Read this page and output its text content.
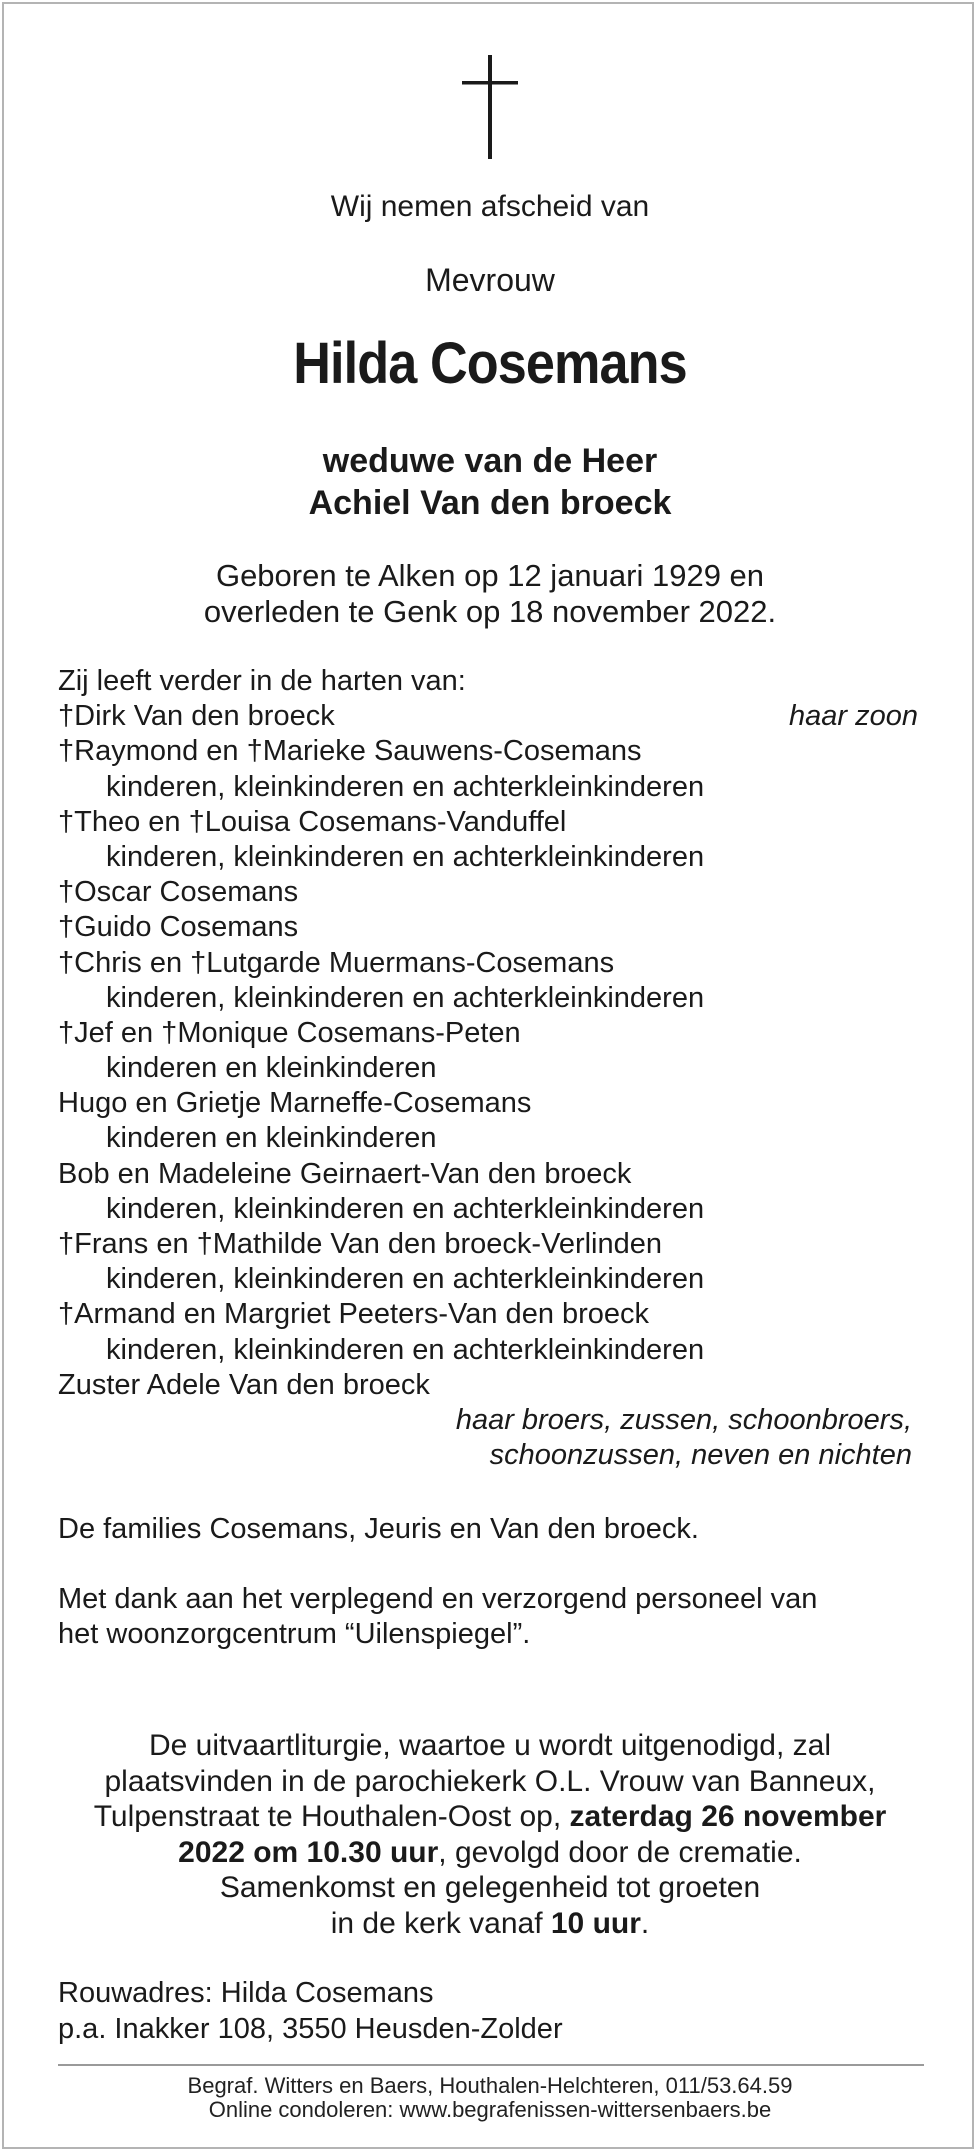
Wij nemen afscheid van
Mevrouw
Hilda Cosemans
weduwe van de Heer
Achiel Van den broeck
Geboren te Alken op 12 januari 1929 en
overleden te Genk op 18 november 2022.
Zij leeft verder in de harten van:
†Dirk Van den broeck	haar zoon
†Raymond en †Marieke Sauwens-Cosemans
kinderen, kleinkinderen en achterkleinkinderen
†Theo en †Louisa Cosemans-Vanduffel
kinderen, kleinkinderen en achterkleinkinderen
†Oscar Cosemans
†Guido Cosemans
†Chris en †Lutgarde Muermans-Cosemans
kinderen, kleinkinderen en achterkleinkinderen
†Jef en †Monique Cosemans-Peten
kinderen en kleinkinderen
Hugo en Grietje Marneffe-Cosemans
kinderen en kleinkinderen
Bob en Madeleine Geirnaert-Van den broeck
kinderen, kleinkinderen en achterkleinkinderen
†Frans en †Mathilde Van den broeck-Verlinden
kinderen, kleinkinderen en achterkleinkinderen
†Armand en Margriet Peeters-Van den broeck
kinderen, kleinkinderen en achterkleinkinderen
Zuster Adele Van den broeck
haar broers, zussen, schoonbroers,
schoonzussen, neven en nichten
De families Cosemans, Jeuris en Van den broeck.
Met dank aan het verplegend en verzorgend personeel van
het woonzorgcentrum “Uilenspiegel”.
De uitvaartliturgie, waartoe u wordt uitgenodigd, zal
plaatsvinden in de parochiekerk O.L. Vrouw van Banneux,
Tulpenstraat te Houthalen-Oost op, zaterdag 26 november
2022 om 10.30 uur, gevolgd door de crematie.
Samenkomst en gelegenheid tot groeten
in de kerk vanaf 10 uur.
Rouwadres: Hilda Cosemans
p.a. Inakker 108, 3550 Heusden-Zolder
Begraf. Witters en Baers, Houthalen-Helchteren, 011/53.64.59
Online condoleren: www.begrafenissen-wittersenbaers.be
